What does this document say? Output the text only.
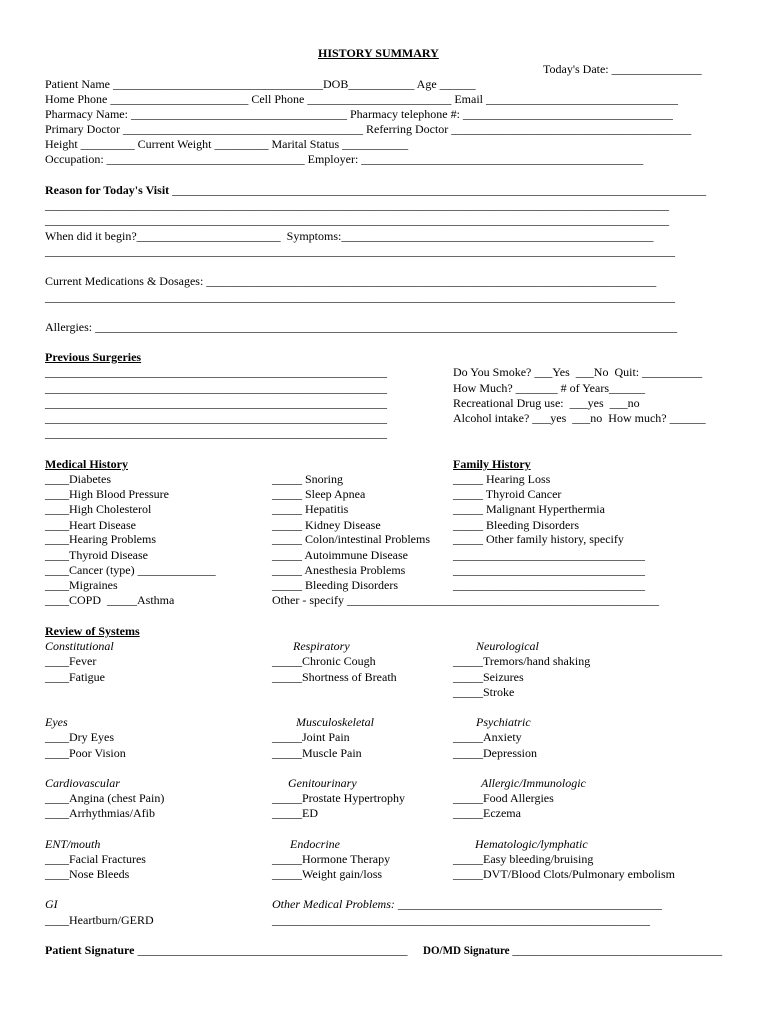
HISTORY SUMMARY
Today's Date: _______________
Patient Name ___________________________________DOB___________ Age ______
Home Phone _______________________ Cell Phone ________________________ Email ________________________________
Pharmacy Name: ____________________________________ Pharmacy telephone #: ___________________________________
Primary Doctor ________________________________________ Referring Doctor ________________________________________
Height _________ Current Weight _________ Marital Status ___________
Occupation: _________________________________ Employer: _______________________________________________
Reason for Today's Visit _________________________________________________________________________________________
________________________________________________________________________________________________________
________________________________________________________________________________________________________
When did it begin?________________________  Symptoms:____________________________________________________
_________________________________________________________________________________________________________
Current Medications & Dosages: ___________________________________________________________________________
_________________________________________________________________________________________________________
Allergies: _________________________________________________________________________________________________
Previous Surgeries
_________________________________________________________
_________________________________________________________
_________________________________________________________
_________________________________________________________
_________________________________________________________
Do You Smoke? ___Yes  ___No  Quit: __________
How Much? _______ # of Years______
Recreational Drug use:  ___yes  ___no
Alcohol intake? ___yes  ___no  How much? ______
Medical History
____Diabetes
____High Blood Pressure
____High Cholesterol
____Heart Disease
____Hearing Problems
____Thyroid Disease
____Cancer (type) _____________
____Migraines
____COPD  _____Asthma
_____ Snoring
_____ Sleep Apnea
_____ Hepatitis
_____ Kidney Disease
_____ Colon/intestinal Problems
_____ Autoimmune Disease
_____ Anesthesia Problems
_____ Bleeding Disorders
Other - specify ____________________________________________________
Family History
_____ Hearing Loss
_____ Thyroid Cancer
_____ Malignant Hyperthermia
_____ Bleeding Disorders
_____ Other family history, specify
________________________________
________________________________
________________________________
Review of Systems
Constitutional
____Fever
____Fatigue
Respiratory
_____Chronic Cough
_____Shortness of Breath
Neurological
_____Tremors/hand shaking
_____Seizures
_____Stroke
Eyes
____Dry Eyes
____Poor Vision
Musculoskeletal
_____Joint Pain
_____Muscle Pain
Psychiatric
_____Anxiety
_____Depression
Cardiovascular
____Angina (chest Pain)
____Arrhythmias/Afib
Genitourinary
_____Prostate Hypertrophy
_____ED
Allergic/Immunologic
_____Food Allergies
_____Eczema
ENT/mouth
____Facial Fractures
____Nose Bleeds
Endocrine
_____Hormone Therapy
_____Weight gain/loss
Hematologic/lymphatic
_____Easy bleeding/bruising
_____DVT/Blood Clots/Pulmonary embolism
GI
____Heartburn/GERD
Other Medical Problems: ____________________________________________
_______________________________________________________________
Patient Signature _____________________________________________ DO/MD Signature ______________________________________
